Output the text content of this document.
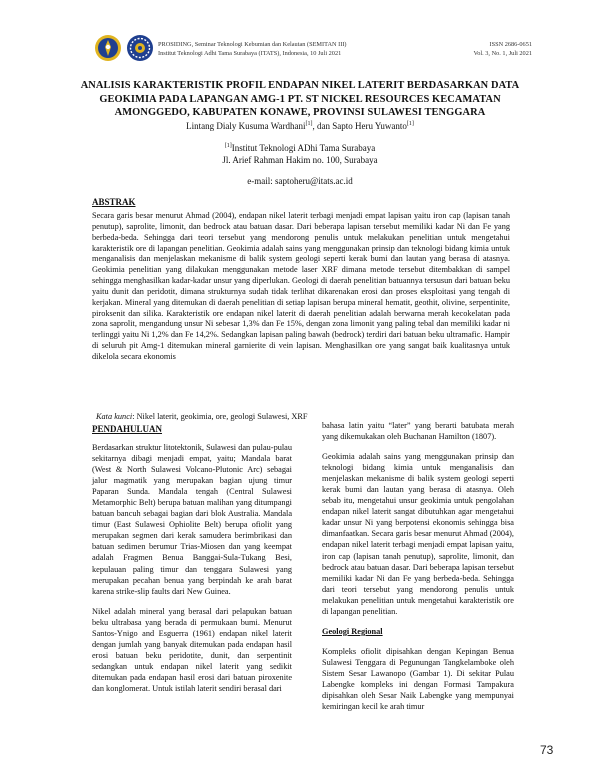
PROSIDING, Seminar Teknologi Kebumian dan Kelautan (SEMITAN III)
Institut Teknologi Adhi Tama Surabaya (ITATS), Indonesia, 10 Juli 2021
ISSN 2686-0651
Vol. 3, No. 1, Juli 2021
ANALISIS KARAKTERISTIK PROFIL ENDAPAN NIKEL LATERIT BERDASARKAN DATA
GEOKIMIA PADA LAPANGAN AMG-1 PT. ST NICKEL RESOURCES KECAMATAN
AMONGGEDO, KABUPATEN KONAWE, PROVINSI SULAWESI TENGGARA
Lintang Dialy Kusuma Wardhani[1], dan Sapto Heru Yuwanto[1]
[1]Institut Teknologi ADhi Tama Surabaya
Jl. Arief Rahman Hakim no. 100, Surabaya
e-mail: saptoheru@itats.ac.id
ABSTRAK
Secara garis besar menurut Ahmad (2004), endapan nikel laterit terbagi menjadi empat lapisan yaitu iron cap (lapisan tanah penutup), saprolite, limonit, dan bedrock atau batuan dasar. Dari beberapa lapisan tersebut memiliki kadar Ni dan Fe yang berbeda-beda. Sehingga dari teori tersebut yang mendorong penulis untuk melakukan penelitian untuk mengetahui karakteristik ore di lapangan penelitian. Geokimia adalah sains yang menggunakan prinsip dan teknologi bidang kimia untuk menganalisis dan menjelaskan mekanisme di balik system geologi seperti kerak bumi dan lautan yang berasa di atasnya. Geokimia penelitian yang dilakukan menggunakan metode laser XRF dimana metode tersebut ditembakkan di sampel sehingga menghasilkan kadar-kadar unsur yang diperlukan. Geologi di daerah penelitian batuannya tersusun dari batuan beku yaitu dunit dan peridotit, dimana strukturnya sudah tidak terlihat dikarenakan erosi dan proses eksploitasi yang tengah di kerjakan. Mineral yang ditemukan di daerah penelitian di setiap lapisan berupa mineral hematit, geothit, olivine, serpentinite, piroksenit dan silika. Karakteristik ore endapan nikel laterit di daerah penelitian adalah berwarna merah kecokelatan pada zona saprolit, mengandung unsur Ni sebesar 1,3% dan Fe 15%, dengan zona limonit yang paling tebal dan memiliki kadar ni terlinggi yaitu Ni 1,2% dan Fe 14,2%. Sedangkan lapisan paling bawah (bedrock) terdiri dari batuan beku ultramafic. Hampir di seluruh pit Amg-1 ditemukan mineral garnierite di vein lapisan. Menghasilkan ore yang sangat baik kualitasnya untuk dikelola secara ekonomis
Kata kunci: Nikel laterit, geokimia, ore, geologi Sulawesi, XRF
PENDAHULUAN

Berdasarkan struktur litotektonik, Sulawesi dan pulau-pulau sekitarnya dibagi menjadi empat, yaitu; Mandala barat (West & North Sulawesi Volcano-Plutonic Arc) sebagai jalur magmatik yang merupakan bagian ujung timur Paparan Sunda. Mandala tengah (Central Sulawesi Metamorphic Belt) berupa batuan malihan yang ditumpangi batuan bancuh sebagai bagian dari blok Australia. Mandala timur (East Sulawesi Ophiolite Belt) berupa ofiolit yang merupakan segmen dari kerak samudera berimbrikasi dan batuan sedimen berumur Trias-Miosen dan yang keempat adalah Fragmen Benua Banggai-Sula-Tukang Besi, kepulauan paling timur dan tenggara Sulawesi yang merupakan pecahan benua yang berpindah ke arah barat karena strike-slip faults dari New Guinea.

Nikel adalah mineral yang berasal dari pelapukan batuan beku ultrabasa yang berada di permukaan bumi. Menurut Santos-Ynigo and Esguerra (1961) endapan nikel laterit dengan jumlah yang banyak ditemukan pada endapan hasil erosi batuan beku peridotite, dunit, dan serpentinit sedangkan untuk endapan nikel laterit yang sedikit ditemukan pada endapan hasil erosi dari batuan piroxenite dan konglomerat. Untuk istilah laterit sendiri berasal dari

bahasa latin yaitu “later” yang berarti batubata merah yang dikemukakan oleh Buchanan Hamilton (1807).

Geokimia adalah sains yang menggunakan prinsip dan teknologi bidang kimia untuk menganalisis dan menjelaskan mekanisme di balik system geologi seperti kerak bumi dan lautan yang berasa di atasnya. Oleh sebab itu, mengetahui unsur geokimia untuk pengolahan endapan nikel laterit sangat dibutuhkan agar mengetahui kadar unsur Ni yang berpotensi ekonomis sehingga bisa dimanfaatkan. Secara garis besar menurut Ahmad (2004), endapan nikel laterit terbagi menjadi empat lapisan yaitu, iron cap (lapisan tanah penutup), saprolite, limonit, dan bedrock atau batuan dasar. Dari beberapa lapisan tersebut memiliki kadar Ni dan Fe yang berbeda-beda. Sehingga dari teori tersebut yang mendorong penulis untuk melakukan penelitian untuk mengetahui karakteristik ore di lapangan penelitian.

Geologi Regional

Kompleks ofiolit dipisahkan dengan Kepingan Benua Sulawesi Tenggara di Pegunungan Tangkelamboke oleh Sistem Sesar Lawanopo (Gambar 1). Di sekitar Pulau Labengke kompleks ini dengan Formasi Tampakura dipisahkan oleh Sesar Naik Labengke yang mempunyai kemiringan kecil ke arah timur

73
